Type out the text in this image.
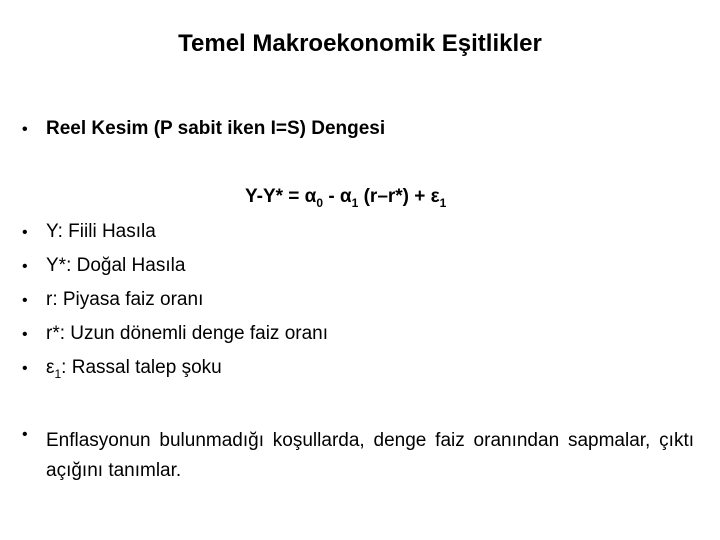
Temel Makroekonomik Eşitlikler
• Reel Kesim (P sabit iken I=S) Dengesi
$Y-Y* = \alpha_0 - \alpha_1$ $(r-r*) + \varepsilon_1$
• Y: Fiili Hasıla
• Y*: Doğal Hasıla
• r: Piyasa faiz oranı
• r*: Uzun dönemli denge faiz oranı
• $\varepsilon_1$: Rassal talep şoku
• Enflasyonun bulunmadığı koşullarda, denge faiz oranından sapmalar, çıktı açığını tanımlar.
